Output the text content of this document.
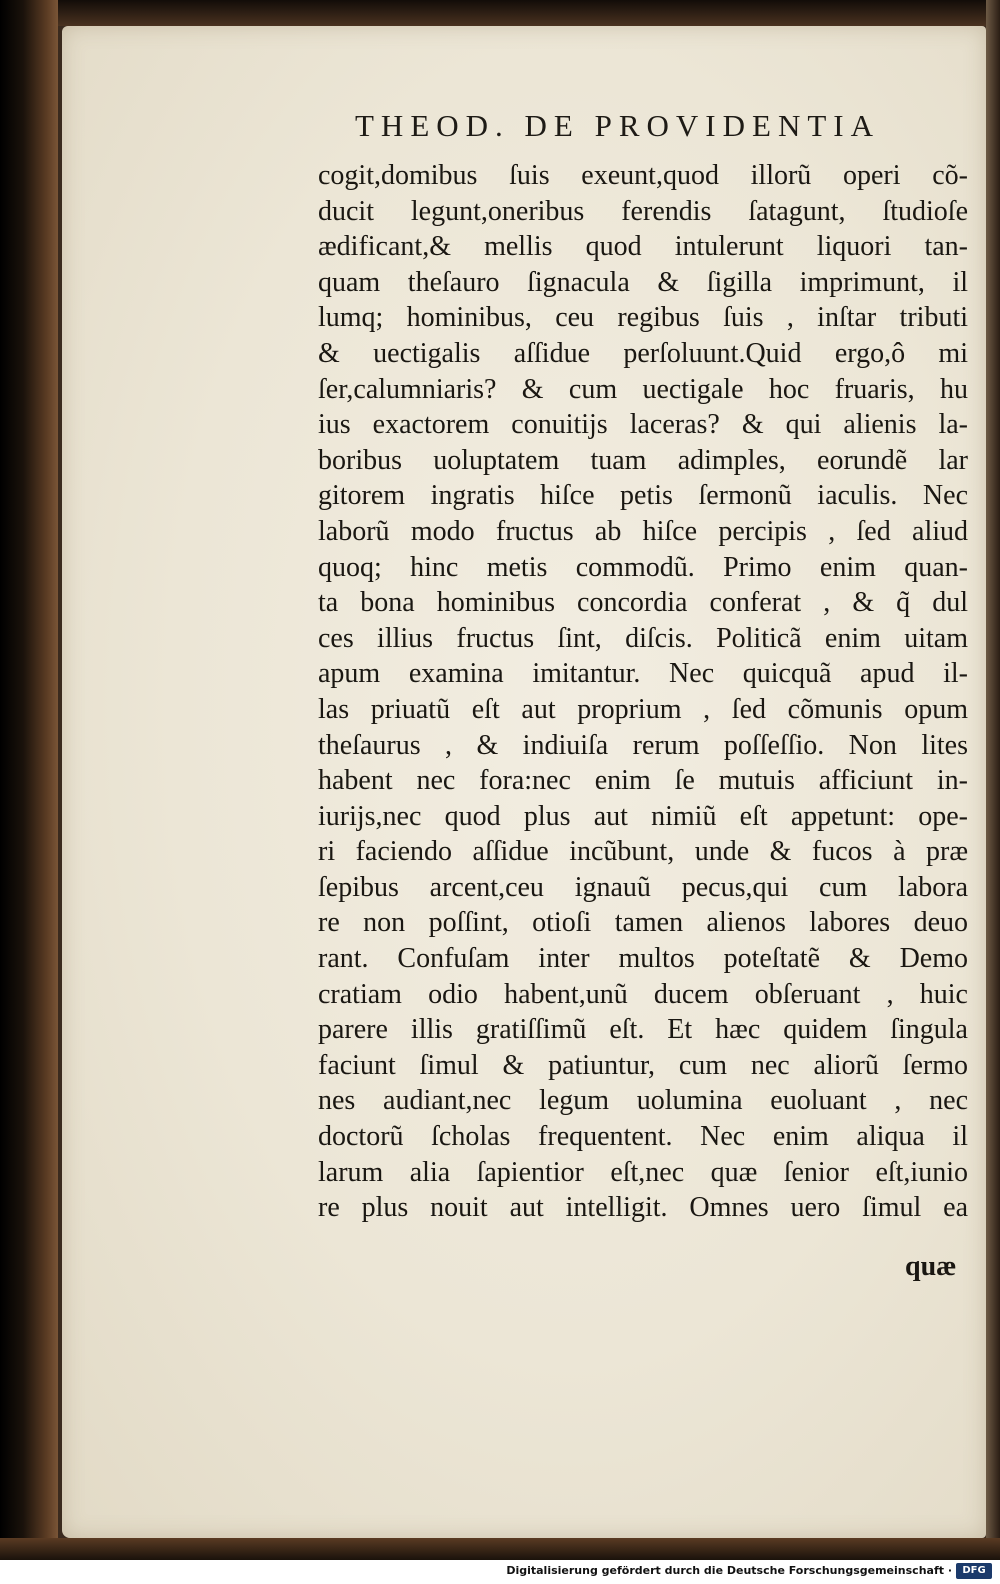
THEOD. DE PROVIDENTIA
cogit,domibus ſuis exeunt,quod illorũ operi cõ-
ducit legunt,oneribus ferendis ſatagunt, ſtudioſe
ædificant,& mellis quod intulerunt liquori tan-
quam theſauro ſignacula & ſigilla imprimunt, il
lumq; hominibus, ceu regibus ſuis , inſtar tributi
& uectigalis aſſidue perſoluunt.Quid ergo,ô mi
ſer,calumniaris? & cum uectigale hoc fruaris, hu
ius exactorem conuitijs laceras? & qui alienis la-
boribus uoluptatem tuam adimples, eorundẽ lar
gitorem ingratis hiſce petis ſermonũ iaculis. Nec
laborũ modo fructus ab hiſce percipis , ſed aliud
quoq; hinc metis commodũ. Primo enim quan-
ta bona hominibus concordia conferat , & q̃ dul
ces illius fructus ſint, diſcis. Politicã enim uitam
apum examina imitantur. Nec quicquã apud il-
las priuatũ eſt aut proprium , ſed cõmunis opum
theſaurus , & indiuiſa rerum poſſeſſio. Non lites
habent nec fora:nec enim ſe mutuis afficiunt in-
iurijs,nec quod plus aut nimiũ eſt appetunt: ope-
ri faciendo aſſidue incũbunt, unde & fucos à præ
ſepibus arcent,ceu ignauũ pecus,qui cum labora
re non poſſint, otioſi tamen alienos labores deuo
rant. Confuſam inter multos poteſtatẽ & Demo
cratiam odio habent,unũ ducem obſeruant , huic
parere illis gratiſſimũ eſt. Et hæc quidem ſingula
faciunt ſimul & patiuntur, cum nec aliorũ ſermo
nes audiant,nec legum uolumina euoluant , nec
doctorũ ſcholas frequentent. Nec enim aliqua il
larum alia ſapientior eſt,nec quæ ſenior eſt,iunio
re plus nouit aut intelligit. Omnes uero ſimul ea
quæ
Digitalisierung gefördert durch die Deutsche Forschungsgemeinschaft ·	DFG
